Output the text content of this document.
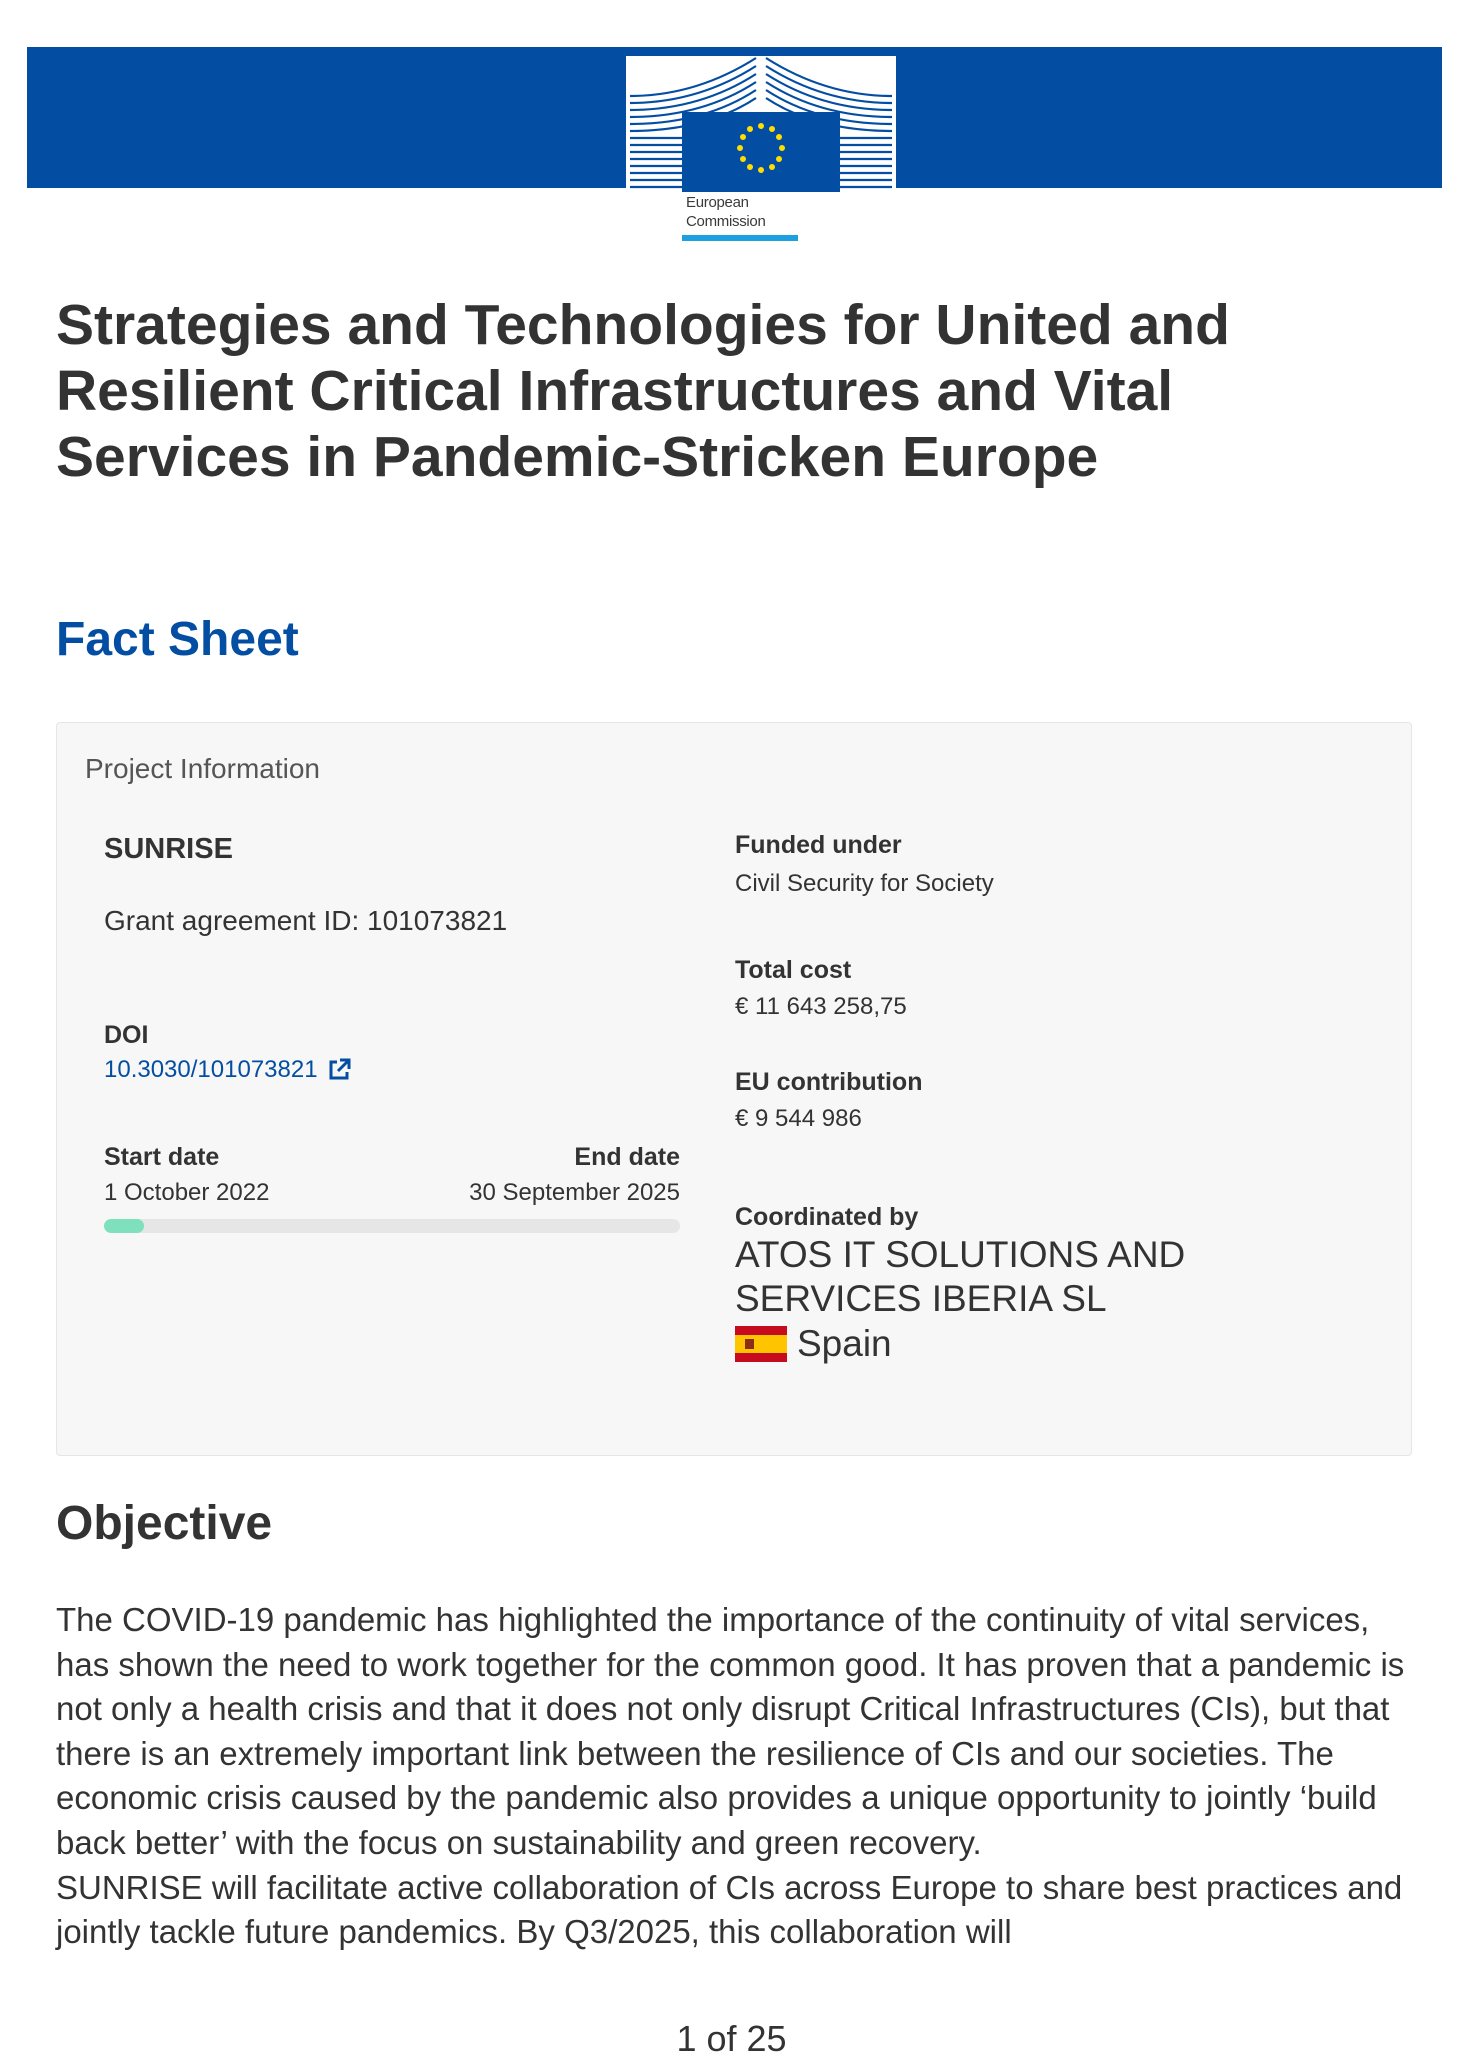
European
Commission
Strategies and Technologies for United and Resilient Critical Infrastructures and Vital Services in Pandemic-Stricken Europe
Fact Sheet
Project Information
SUNRISE
Grant agreement ID: 101073821
DOI
10.3030/101073821
Start date
1 October 2022
End date
30 September 2025
Funded under
Civil Security for Society
Total cost
€ 11 643 258,75
EU contribution
€ 9 544 986
Coordinated by
ATOS IT SOLUTIONS AND SERVICES IBERIA SL
Spain
Objective

The COVID-19 pandemic has highlighted the importance of the continuity of vital services, has shown the need to work together for the common good. It has proven that a pandemic is not only a health crisis and that it does not only disrupt Critical Infrastructures (CIs), but that there is an extremely important link between the resilience of CIs and our societies. The economic crisis caused by the pandemic also provides a unique opportunity to jointly ‘build back better’ with the focus on sustainability and green recovery.

SUNRISE will facilitate active collaboration of CIs across Europe to share best practices and jointly tackle future pandemics. By Q3/2025, this collaboration will

1 of 25
